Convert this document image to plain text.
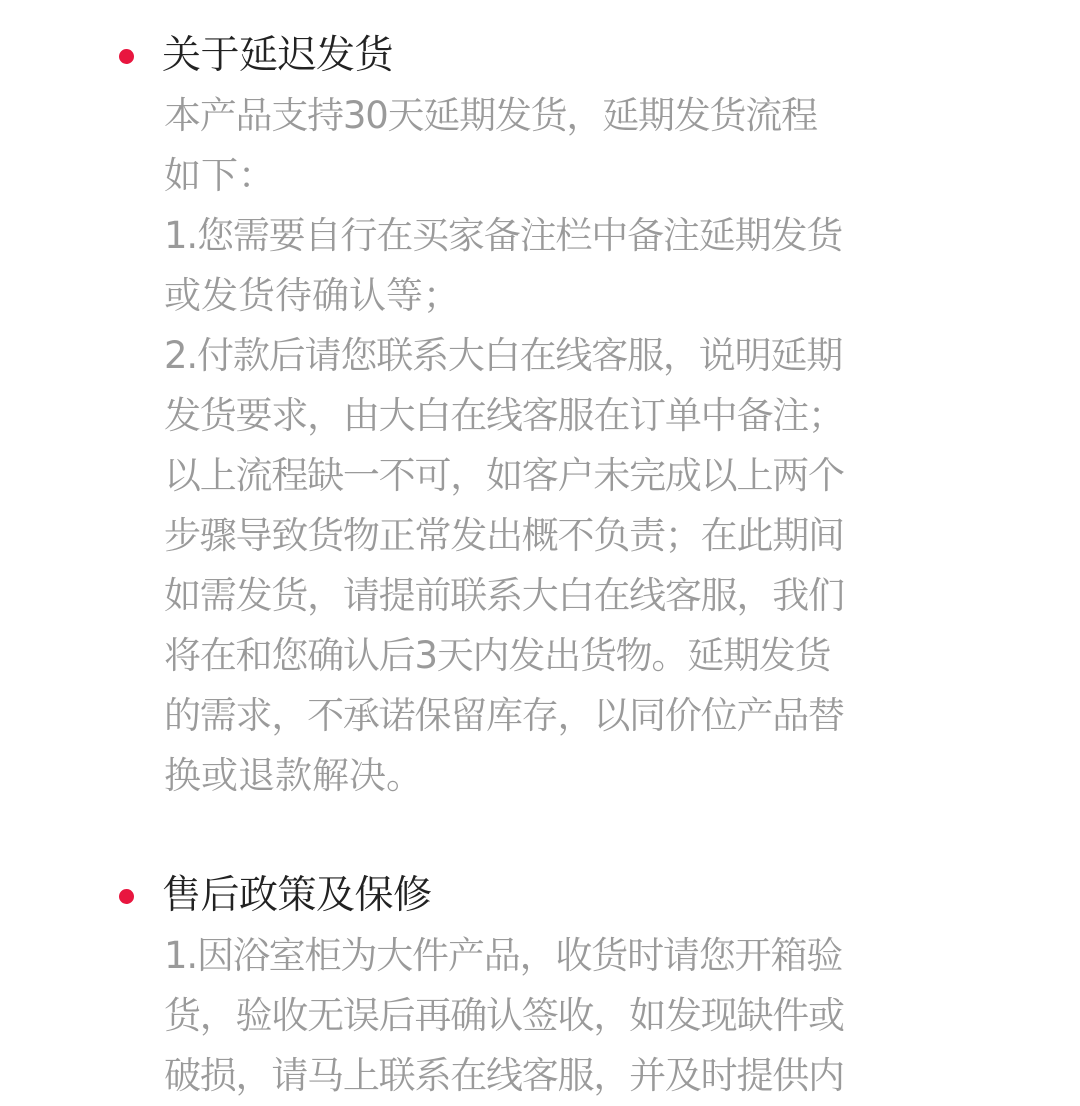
关于延迟发货
本产品支持30天延期发货，延期发货流程
如下：
1.您需要自行在买家备注栏中备注延期发货
或发货待确认等；
2.付款后请您联系大白在线客服，说明延期
发货要求，由大白在线客服在订单中备注；
以上流程缺一不可，如客户未完成以上两个
步骤导致货物正常发出概不负责；在此期间
如需发货，请提前联系大白在线客服，我们
将在和您确认后3天内发出货物。延期发货
的需求，不承诺保留库存，以同价位产品替
换或退款解决。
售后政策及保修
1.因浴室柜为大件产品，收货时请您开箱验
货，验收无误后再确认签收，如发现缺件或
破损，请马上联系在线客服，并及时提供内
